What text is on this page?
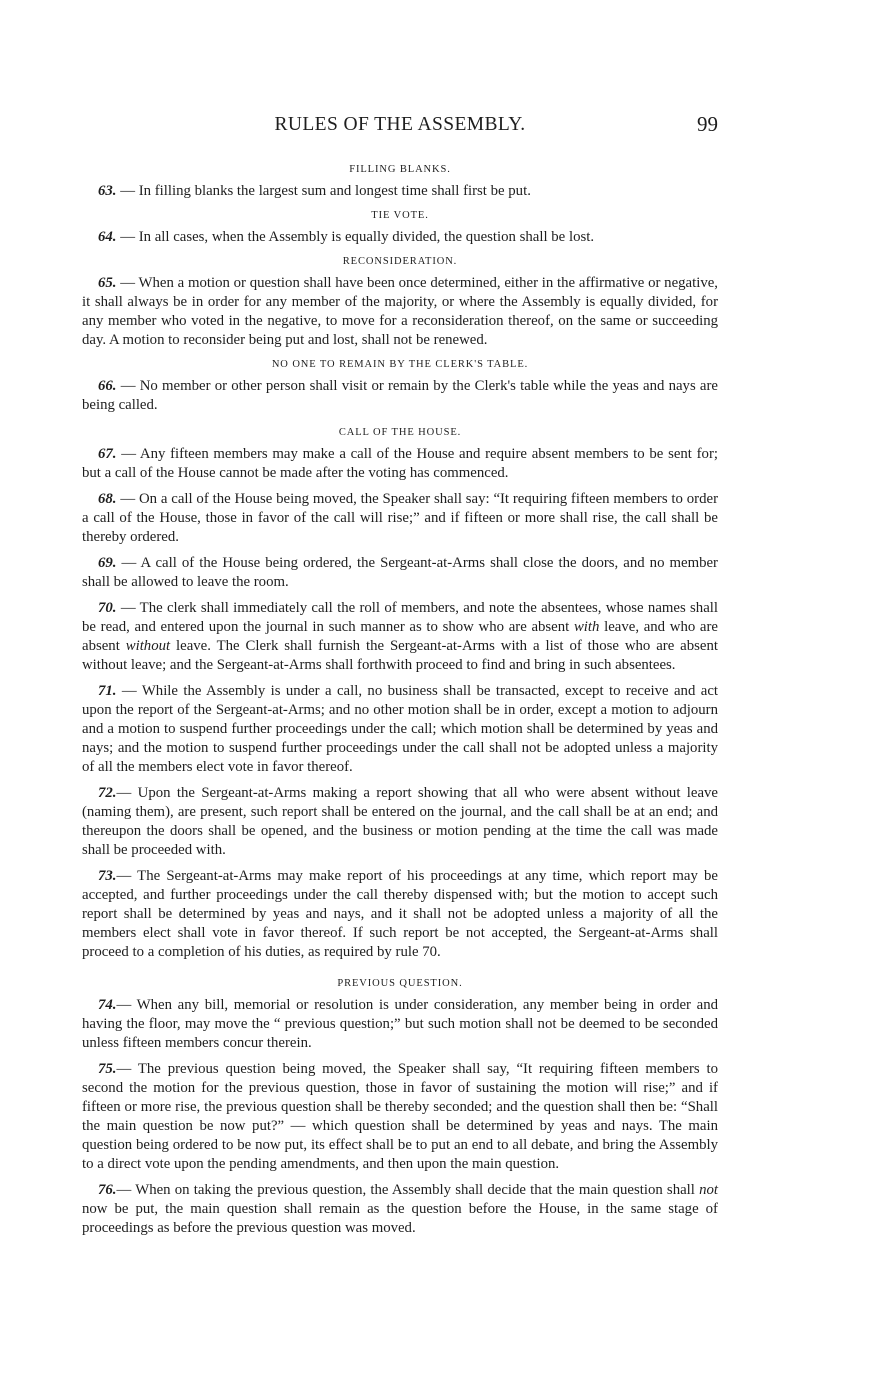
RULES OF THE ASSEMBLY.	99
FILLING BLANKS.

63. — In filling blanks the largest sum and longest time shall first be put.

TIE VOTE.

64. — In all cases, when the Assembly is equally divided, the question shall be lost.

RECONSIDERATION.

65. — When a motion or question shall have been once determined, either in the affirmative or negative, it shall always be in order for any member of the majority, or where the Assembly is equally divided, for any member who voted in the negative, to move for a reconsideration thereof, on the same or succeeding day. A motion to reconsider being put and lost, shall not be renewed.

NO ONE TO REMAIN BY THE CLERK'S TABLE.

66. — No member or other person shall visit or remain by the Clerk's table while the yeas and nays are being called.

CALL OF THE HOUSE.

67. — Any fifteen members may make a call of the House and require absent members to be sent for; but a call of the House cannot be made after the voting has commenced.

68. — On a call of the House being moved, the Speaker shall say: “It requiring fifteen members to order a call of the House, those in favor of the call will rise;” and if fifteen or more shall rise, the call shall be thereby ordered.

69. — A call of the House being ordered, the Sergeant-at-Arms shall close the doors, and no member shall be allowed to leave the room.

70. — The clerk shall immediately call the roll of members, and note the absentees, whose names shall be read, and entered upon the journal in such manner as to show who are absent with leave, and who are absent without leave. The Clerk shall furnish the Sergeant-at-Arms with a list of those who are absent without leave; and the Sergeant-at-Arms shall forthwith proceed to find and bring in such absentees.

71. — While the Assembly is under a call, no business shall be transacted, except to receive and act upon the report of the Sergeant-at-Arms; and no other motion shall be in order, except a motion to adjourn and a motion to suspend further proceedings under the call; which motion shall be determined by yeas and nays; and the motion to suspend further proceedings under the call shall not be adopted unless a majority of all the members elect vote in favor thereof.

72.— Upon the Sergeant-at-Arms making a report showing that all who were absent without leave (naming them), are present, such report shall be entered on the journal, and the call shall be at an end; and thereupon the doors shall be opened, and the business or motion pending at the time the call was made shall be proceeded with.

73.— The Sergeant-at-Arms may make report of his proceedings at any time, which report may be accepted, and further proceedings under the call thereby dispensed with; but the motion to accept such report shall be determined by yeas and nays, and it shall not be adopted unless a majority of all the members elect shall vote in favor thereof. If such report be not accepted, the Sergeant-at-Arms shall proceed to a completion of his duties, as required by rule 70.

PREVIOUS QUESTION.

74.— When any bill, memorial or resolution is under consideration, any member being in order and having the floor, may move the “ previous question;” but such motion shall not be deemed to be seconded unless fifteen members concur therein.

75.— The previous question being moved, the Speaker shall say, “It requiring fifteen members to second the motion for the previous question, those in favor of sustaining the motion will rise;” and if fifteen or more rise, the previous question shall be thereby seconded; and the question shall then be: “Shall the main question be now put?” — which question shall be determined by yeas and nays. The main question being ordered to be now put, its effect shall be to put an end to all debate, and bring the Assembly to a direct vote upon the pending amendments, and then upon the main question.

76.— When on taking the previous question, the Assembly shall decide that the main question shall not now be put, the main question shall remain as the question before the House, in the same stage of proceedings as before the previous question was moved.
